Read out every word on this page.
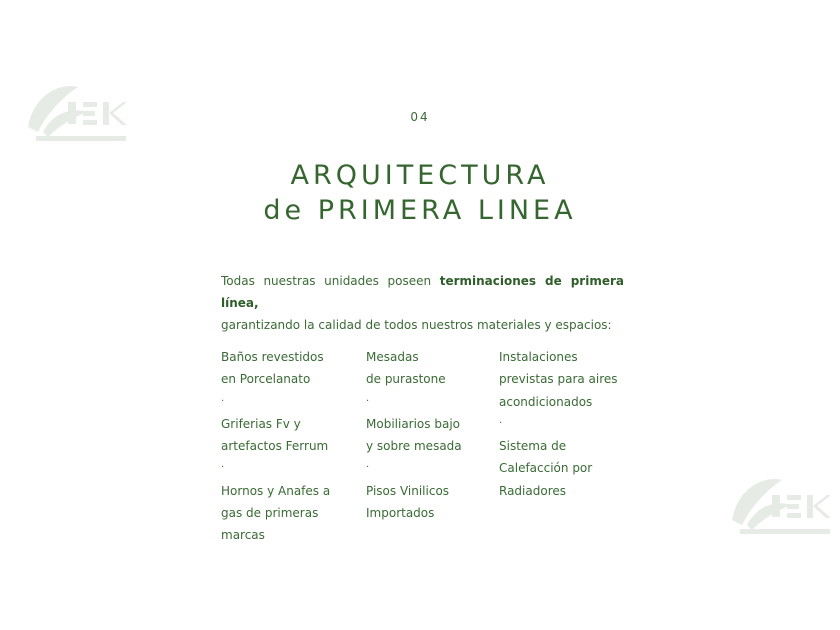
04
ARQUITECTURA
de PRIMERA LINEA
Todas nuestras unidades poseen terminaciones de primera línea,
garantizando la calidad de todos nuestros materiales y espacios:
Baños revestidos
en Porcelanato
·
Griferias Fv y
artefactos Ferrum
·
Hornos y Anafes a
gas de primeras
marcas
Mesadas
de purastone
·
Mobiliarios bajo
y sobre mesada
·
Pisos Vinilicos
Importados
Instalaciones
previstas para aires
acondicionados
·
Sistema de
Calefacción por
Radiadores
